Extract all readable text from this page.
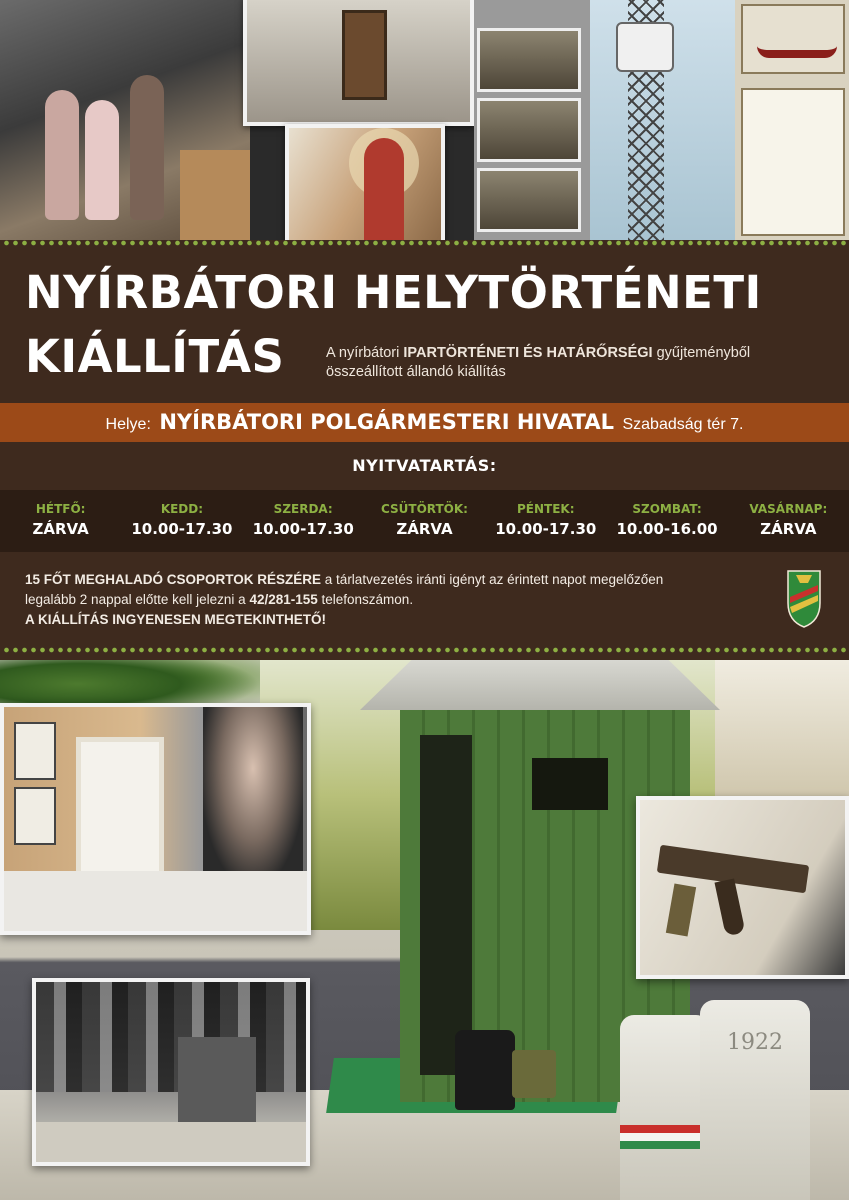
NYÍRBÁTORI HELYTÖRTÉNETI
KIÁLLÍTÁS	A nyírbátori IPARTÖRTÉNETI ÉS HATÁRŐRSÉGI gyűjteményből összeállított állandó kiállítás
Helye: NYÍRBÁTORI POLGÁRMESTERI HIVATAL Szabadság tér 7.
NYITVATARTÁS:
HÉTFŐ:
ZÁRVA
KEDD:
10.00-17.30
SZERDA:
10.00-17.30
CSÜTÖRTÖK:
ZÁRVA
PÉNTEK:
10.00-17.30
SZOMBAT:
10.00-16.00
VASÁRNAP:
ZÁRVA
15 FŐT MEGHALADÓ CSOPORTOK RÉSZÉRE a tárlatvezetés iránti igényt az érintett napot megelőzően
legalább 2 nappal előtte kell jelezni a 42/281-155 telefonszámon.
A KIÁLLÍTÁS INGYENESEN MEGTEKINTHETŐ!
1922
